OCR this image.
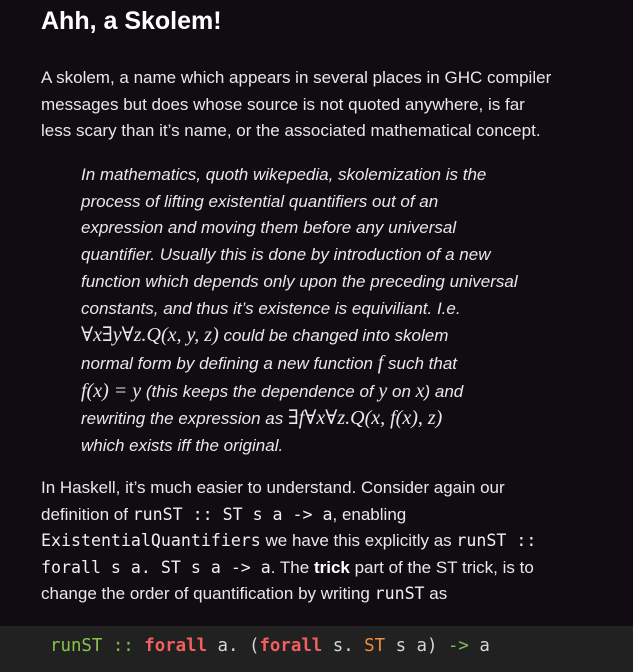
Ahh, a Skolem!
A skolem, a name which appears in several places in GHC compiler
messages but does whose source is not quoted anywhere, is far
less scary than it’s name, or the associated mathematical concept.
In mathematics, quoth wikepedia, skolemization is the
process of lifting existential quantifiers out of an
expression and moving them before any universal
quantifier. Usually this is done by introduction of a new
function which depends only upon the preceding universal
constants, and thus it’s existence is equiviliant. I.e.
∀x∃y∀z.Q(x, y, z) could be changed into skolem
normal form by defining a new function f such that
f(x) = y (this keeps the dependence of y on x) and
rewriting the expression as ∃f∀x∀z.Q(x, f(x), z)
which exists iff the original.
In Haskell, it’s much easier to understand. Consider again our
definition of runST :: ST s a -> a, enabling
ExistentialQuantifiers we have this explicitly as runST ::
forall s a. ST s a -> a. The trick part of the ST trick, is to
change the order of quantification by writing runST as
runST :: forall a. (forall s. ST s a) -> a
